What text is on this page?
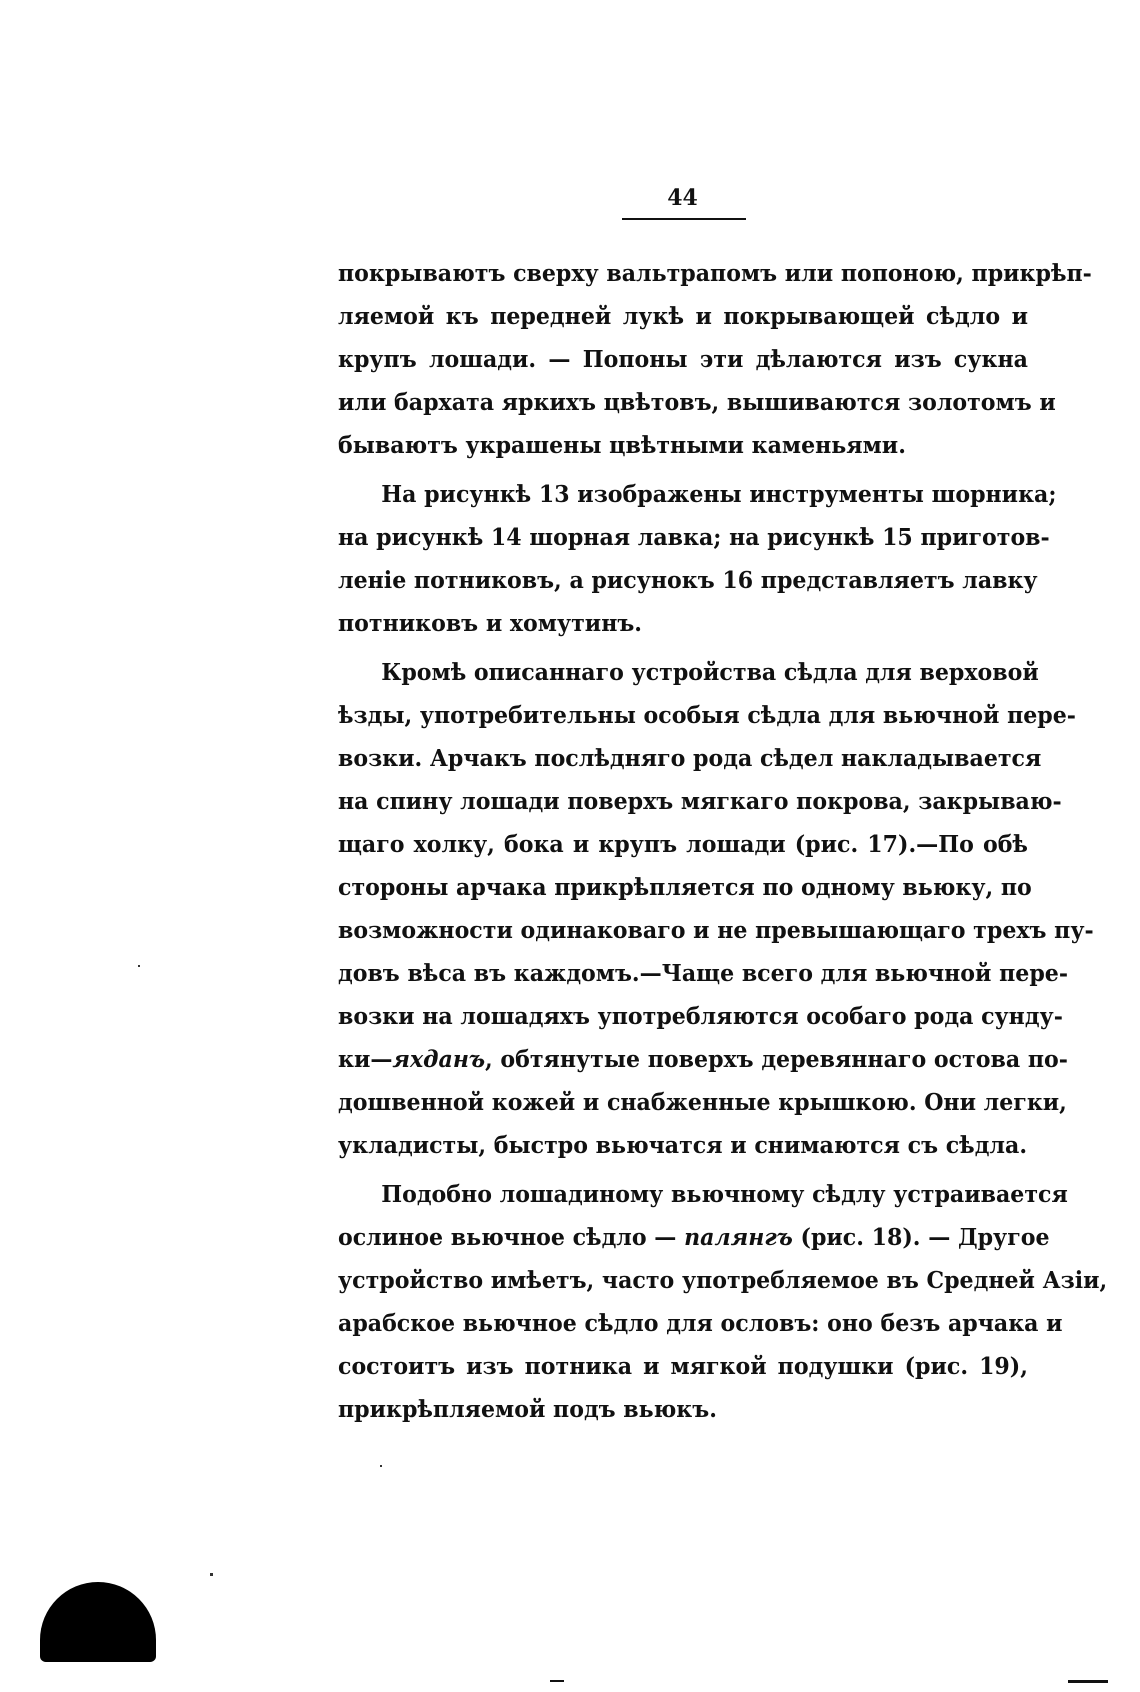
44
покрываютъ сверху вальтрапомъ или попоною, прикрѣп-
ляемой къ передней лукѣ и покрывающей сѣдло и
крупъ лошади. — Попоны эти дѣлаются изъ сукна
или бархата яркихъ цвѣтовъ, вышиваются золотомъ и
бываютъ украшены цвѣтными каменьями.
На рисункѣ 13 изображены инструменты шорника;
на рисункѣ 14 шорная лавка; на рисункѣ 15 приготов-
леніе потниковъ, а рисунокъ 16 представляетъ лавку
потниковъ и хомутинъ.
Кромѣ описаннаго устройства сѣдла для верховой
ѣзды, употребительны особыя сѣдла для вьючной пере-
возки. Арчакъ послѣдняго рода сѣдел накладывается
на спину лошади поверхъ мягкаго покрова, закрываю-
щаго холку, бока и крупъ лошади (рис. 17).—По обѣ
стороны арчака прикрѣпляется по одному вьюку, по
возможности одинаковаго и не превышающаго трехъ пу-
довъ вѣса въ каждомъ.—Чаще всего для вьючной пере-
возки на лошадяхъ употребляются особаго рода сунду-
ки—яхданъ, обтянутые поверхъ деревяннаго остова по-
дошвенной кожей и снабженные крышкою. Они легки,
укладисты, быстро вьючатся и снимаются съ сѣдла.
Подобно лошадиному вьючному сѣдлу устраивается
ослиное вьючное сѣдло — палянгъ (рис. 18). — Другое
устройство имѣетъ, часто употребляемое въ Средней Азіи,
арабское вьючное сѣдло для ословъ: оно безъ арчака и
состоитъ изъ потника и мягкой подушки (рис. 19),
прикрѣпляемой подъ вьюкъ.
